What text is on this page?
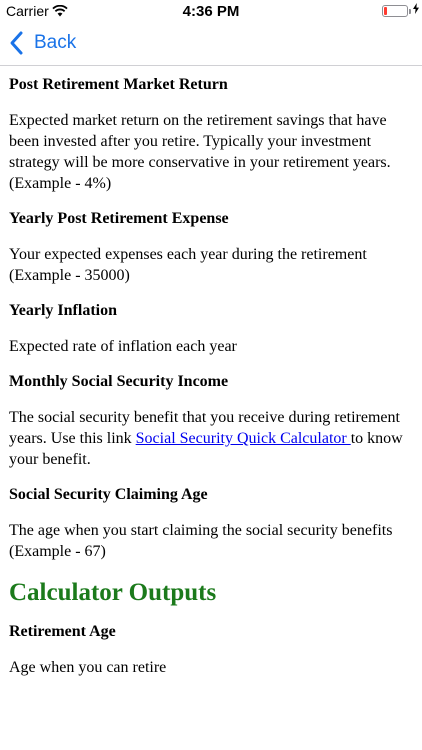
Carrier	4:36 PM
Back
Post Retirement Market Return
Expected market return on the retirement savings that have been invested after you retire. Typically your investment strategy will be more conservative in your retirement years. (Example - 4%)
Yearly Post Retirement Expense
Your expected expenses each year during the retirement (Example - 35000)
Yearly Inflation
Expected rate of inflation each year
Monthly Social Security Income
The social security benefit that you receive during retirement years. Use this link Social Security Quick Calculator to know your benefit.
Social Security Claiming Age
The age when you start claiming the social security benefits (Example - 67)
Calculator Outputs
Retirement Age
Age when you can retire
